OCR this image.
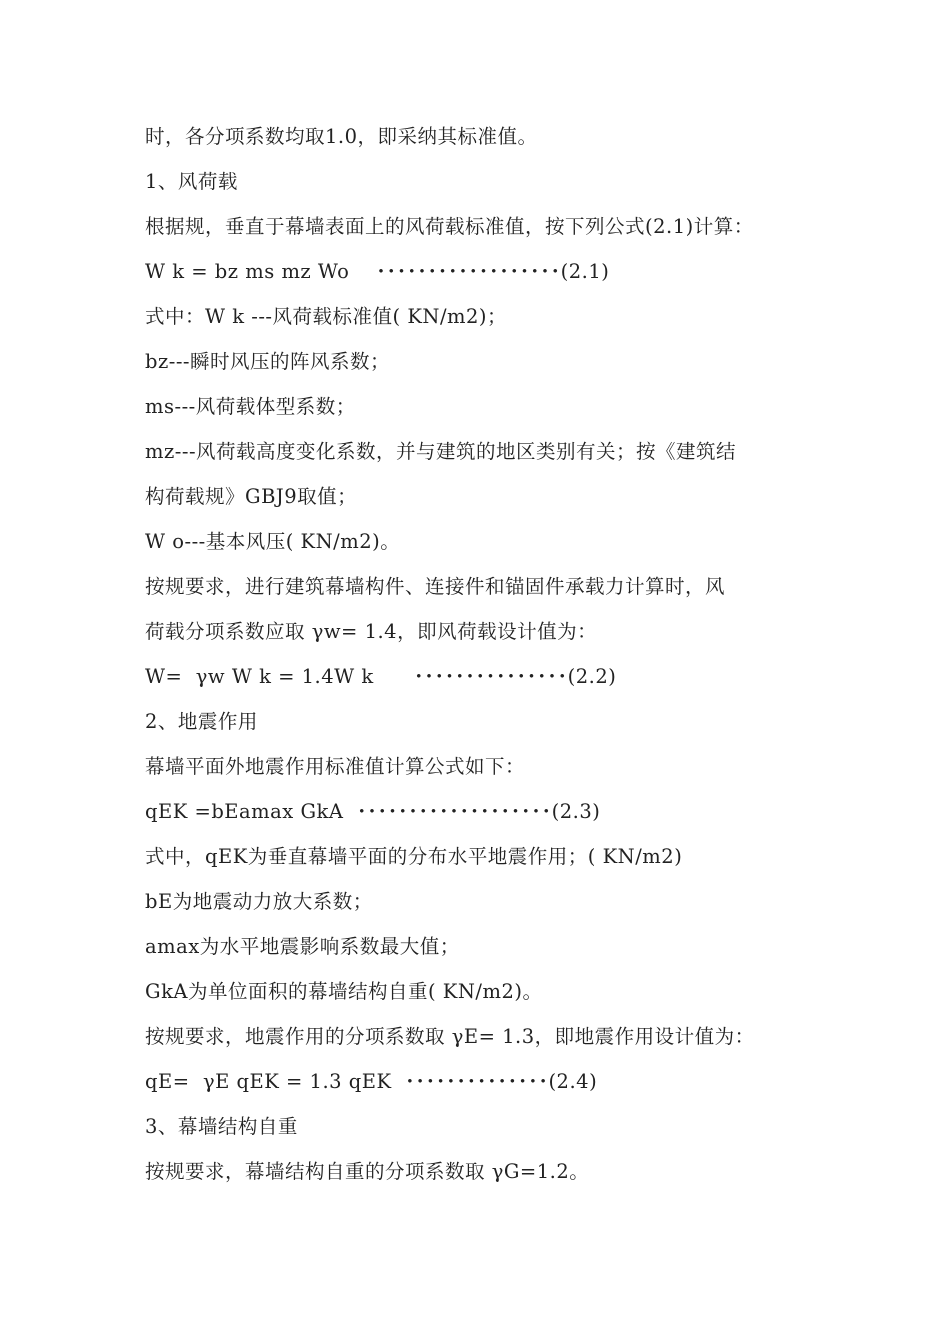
时，各分项系数均取1.0，即采纳其标准值。
1、风荷载
根据规，垂直于幕墙表面上的风荷载标准值，按下列公式(2.1)计算：
W k = bz ms mz Wo    ･･････････････････(2.1)
式中：W k ---风荷载标准值( KN/m2)；
bz---瞬时风压的阵风系数；
ms---风荷载体型系数；
mz---风荷载高度变化系数，并与建筑的地区类别有关；按《建筑结
构荷载规》GBJ9取值；
W o---基本风压( KN/m2)。
按规要求，进行建筑幕墙构件、连接件和锚固件承载力计算时，风
荷载分项系数应取 γw= 1.4，即风荷载设计值为：
W=  γw W k = 1.4W k      ･･･････････････(2.2)
2、地震作用
幕墙平面外地震作用标准值计算公式如下：
qEK =bEamax GkA  ･･･････････････････(2.3)
式中，qEK为垂直幕墙平面的分布水平地震作用；( KN/m2)
bE为地震动力放大系数；
amax为水平地震影响系数最大值；
GkA为单位面积的幕墙结构自重( KN/m2)。
按规要求，地震作用的分项系数取 γE= 1.3，即地震作用设计值为：
qE=  γE qEK = 1.3 qEK  ･･････････････(2.4)
3、幕墙结构自重
按规要求，幕墙结构自重的分项系数取 γG=1.2。
